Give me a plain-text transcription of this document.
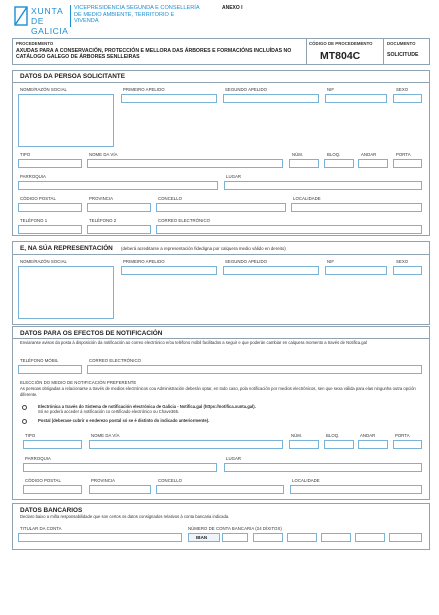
XUNTA
DE GALICIA
VICEPRESIDENCIA SEGUNDA E CONSELLERÍA DE MEDIO AMBIENTE, TERRITORIO E VIVENDA
ANEXO I
PROCEDEMENTO
AXUDAS PARA A CONSERVACIÓN, PROTECCIÓN E MELLORA DAS ÁRBORES E FORMACIÓNS INCLUÍDAS NO CATÁLOGO GALEGO DE ÁRBORES SENLLEIRAS
CÓDIGO DE PROCEDEMENTO
MT804C
DOCUMENTO
SOLICITUDE
DATOS DA PERSOA SOLICITANTE
NOME/RAZÓN SOCIAL	PRIMEIRO APELIDO	SEGUNDO APELIDO	NIF	SEXO
TIPO	NOME DA VÍA	NÚM.	BLOQ.	ANDAR	PORTA
PARROQUIA	LUGAR
CÓDIGO POSTAL	PROVINCIA	CONCELLO	LOCALIDADE
TELÉFONO 1	TELÉFONO 2	CORREO ELECTRÓNICO
E, NA SÚA REPRESENTACIÓN (deberá acreditarse a representación fidedigna por calquera medio válido en dereito)
NOME/RAZÓN SOCIAL	PRIMEIRO APELIDO	SEGUNDO APELIDO	NIF	SEXO
DATOS PARA OS EFECTOS DE NOTIFICACIÓN
Enviaranse avisos da posta á disposición da notificación ao correo electrónico e/ou teléfono móbil facilitados a seguir e que poderán cambiar en calquera momento a través de Notifica.gal
TELÉFONO MÓBIL	CORREO ELECTRÓNICO
ELECCIÓN DO MEDIO DE NOTIFICACIÓN PREFERENTE
As persoas obrigadas a relacionarse a través de medios electrónicos coa Administración deberán optar, en todo caso, pola notificación por medios electrónicos, sen que sexa válida para elas ningunha outra opción diferente.
Electrónica a través do Sistema de notificación electrónica de Galicia - Notifica.gal (https://notifica.xunta.gal).
Só se poderá acceder á notificación co certificado electrónico ou Chave365.
Postal (deberase cubrir o enderezo postal só se é distinto do indicado anteriormente).
TIPO	NOME DA VÍA	NÚM.	BLOQ.	ANDAR	PORTA
PARROQUIA	LUGAR
CÓDIGO POSTAL	PROVINCIA	CONCELLO	LOCALIDADE
DATOS BANCARIOS
Declaro baixo a miña responsabilidade que son certos os datos consignados relativos á conta bancaria indicada.
TITULAR DA CONTA	NÚMERO DE CONTA BANCARIA (24 DÍXITOS)
IBAN
